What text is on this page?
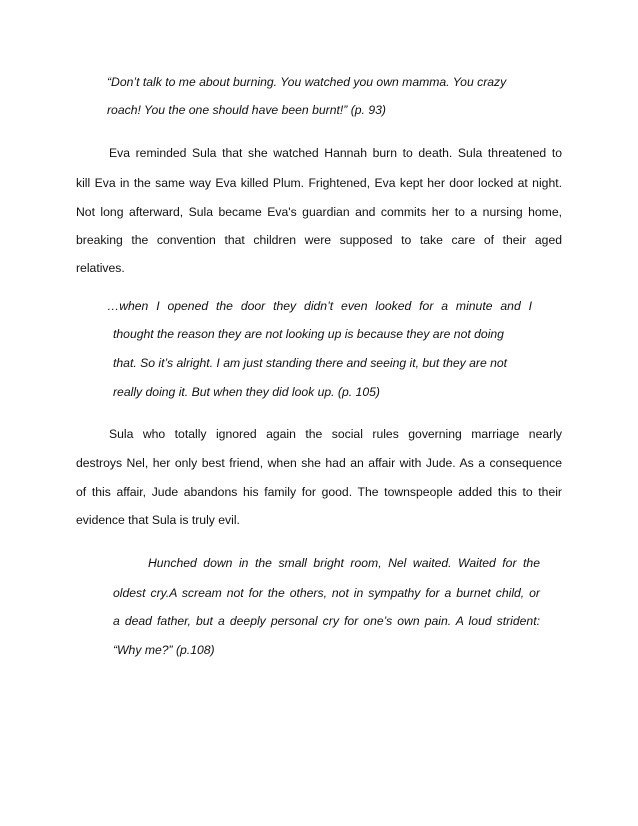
“Don’t talk to me about burning. You watched you own mamma. You crazy
roach! You the one should have been burnt!” (p. 93)
Eva reminded Sula that she watched Hannah burn to death. Sula threatened to
kill Eva in the same way Eva killed Plum. Frightened, Eva kept her door locked at night.
Not long afterward, Sula became Eva's guardian and commits her to a nursing home,
breaking the convention that children were supposed to take care of their aged
relatives.
…when I opened the door they didn’t even looked for a minute and I
thought the reason they are not looking up is because they are not doing
that. So it’s alright. I am just standing there and seeing it, but they are not
really doing it. But when they did look up. (p. 105)
Sula who totally ignored again the social rules governing marriage nearly
destroys Nel, her only best friend, when she had an affair with Jude. As a consequence
of this affair, Jude abandons his family for good. The townspeople added this to their
evidence that Sula is truly evil.
Hunched down in the small bright room, Nel waited. Waited for the
oldest cry.A scream not for the others, not in sympathy for a burnet child, or
a dead father, but a deeply personal cry for one’s own pain. A loud strident:
“Why me?” (p.108)
